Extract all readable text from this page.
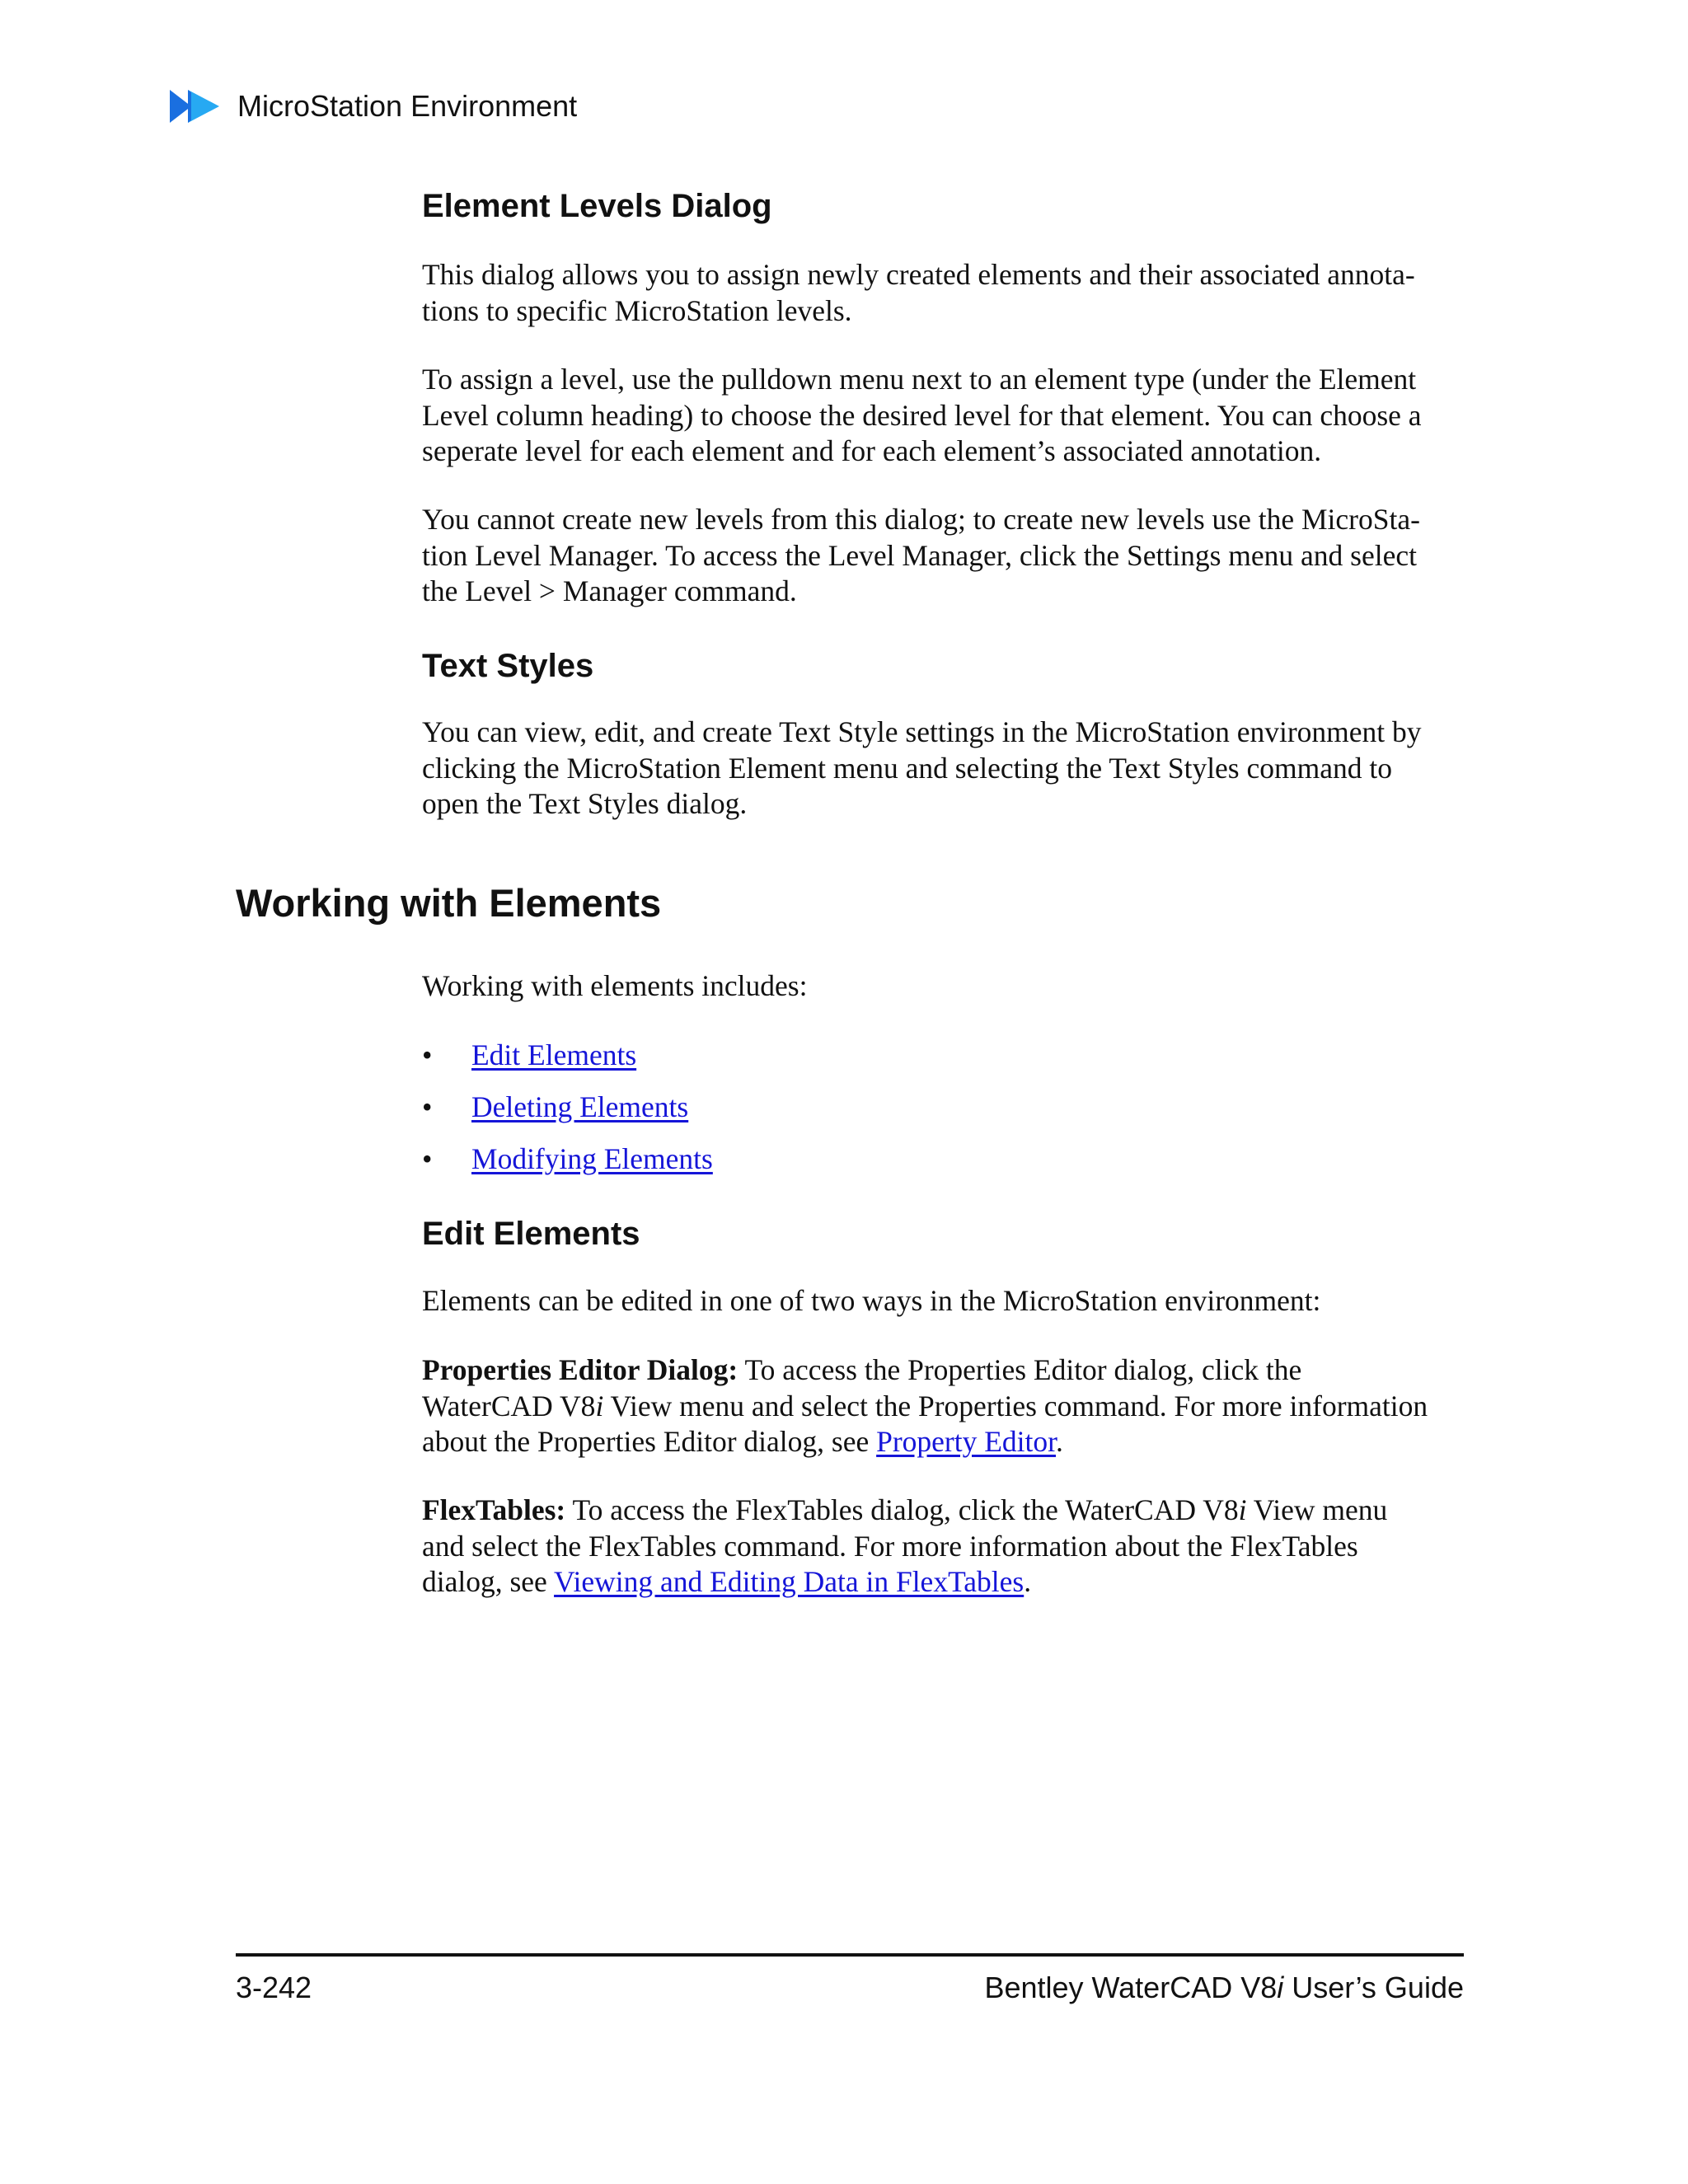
MicroStation Environment
Element Levels Dialog

This dialog allows you to assign newly created elements and their associated annota-
tions to specific MicroStation levels.

To assign a level, use the pulldown menu next to an element type (under the Element
Level column heading) to choose the desired level for that element. You can choose a
seperate level for each element and for each element’s associated annotation.

You cannot create new levels from this dialog; to create new levels use the MicroSta-
tion Level Manager. To access the Level Manager, click the Settings menu and select
the Level > Manager command.

Text Styles

You can view, edit, and create Text Style settings in the MicroStation environment by
clicking the MicroStation Element menu and selecting the Text Styles command to
open the Text Styles dialog.

Working with Elements

Working with elements includes:

• Edit Elements
• Deleting Elements
• Modifying Elements
Edit Elements

Elements can be edited in one of two ways in the MicroStation environment:

Properties Editor Dialog: To access the Properties Editor dialog, click the
WaterCAD V8i View menu and select the Properties command. For more information
about the Properties Editor dialog, see Property Editor.

FlexTables: To access the FlexTables dialog, click the WaterCAD V8i View menu
and select the FlexTables command. For more information about the FlexTables
dialog, see Viewing and Editing Data in FlexTables.

3-242	Bentley WaterCAD V8i User’s Guide
